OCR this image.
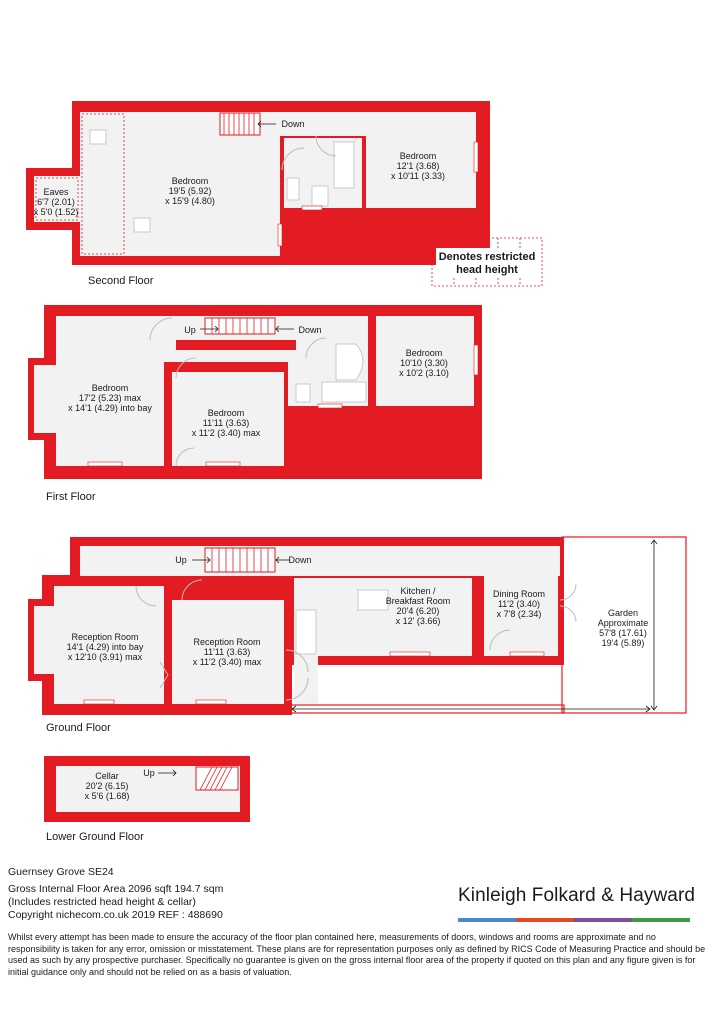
Eaves
6'7 (2.01)
x 5'0 (1.52)
Bedroom
19'5 (5.92)
x 15'9 (4.80)
Bedroom
12'1 (3.68)
x 10'11 (3.33)
Down
Second Floor
Denotes restricted
head height
Bedroom
17'2 (5.23) max
x 14'1 (4.29) into bay	Bedroom
11'11 (3.63)
x 11'2 (3.40) max
Bedroom
10'10 (3.30)
x 10'2 (3.10)
Up	Down
First Floor
Reception Room
14'1 (4.29) into bay
x 12'10 (3.91) max
Reception Room
11'11 (3.63)
x 11'2 (3.40) max
Kitchen /
Breakfast Room
20'4 (6.20)
x 12' (3.66)
Dining Room
11'2 (3.40)
x 7'8 (2.34)	Garden
Approximate
57'8 (17.61)
19'4 (5.89)
Up	Down
Ground Floor
Cellar
20'2 (6.15)
x 5'6 (1.68)
Up
Lower Ground Floor
Guernsey Grove SE24
Gross Internal Floor Area 2096 sqft 194.7 sqm
(Includes restricted head height & cellar)
Copyright nichecom.co.uk 2019 REF : 488690
Kinleigh Folkard & Hayward
Whilst every attempt has been made to ensure the accuracy of the floor plan contained here, measurements of doors, windows and rooms are approximate and no responsibility is taken for any error, omission or misstatement. These plans are for representation purposes only as defined by RICS Code of Measuring Practice and should be used as such by any prospective purchaser. Specifically no guarantee is given on the gross internal floor area of the property if quoted on this plan and any figure given is for initial guidance only and should not be relied on as a basis of valuation.
